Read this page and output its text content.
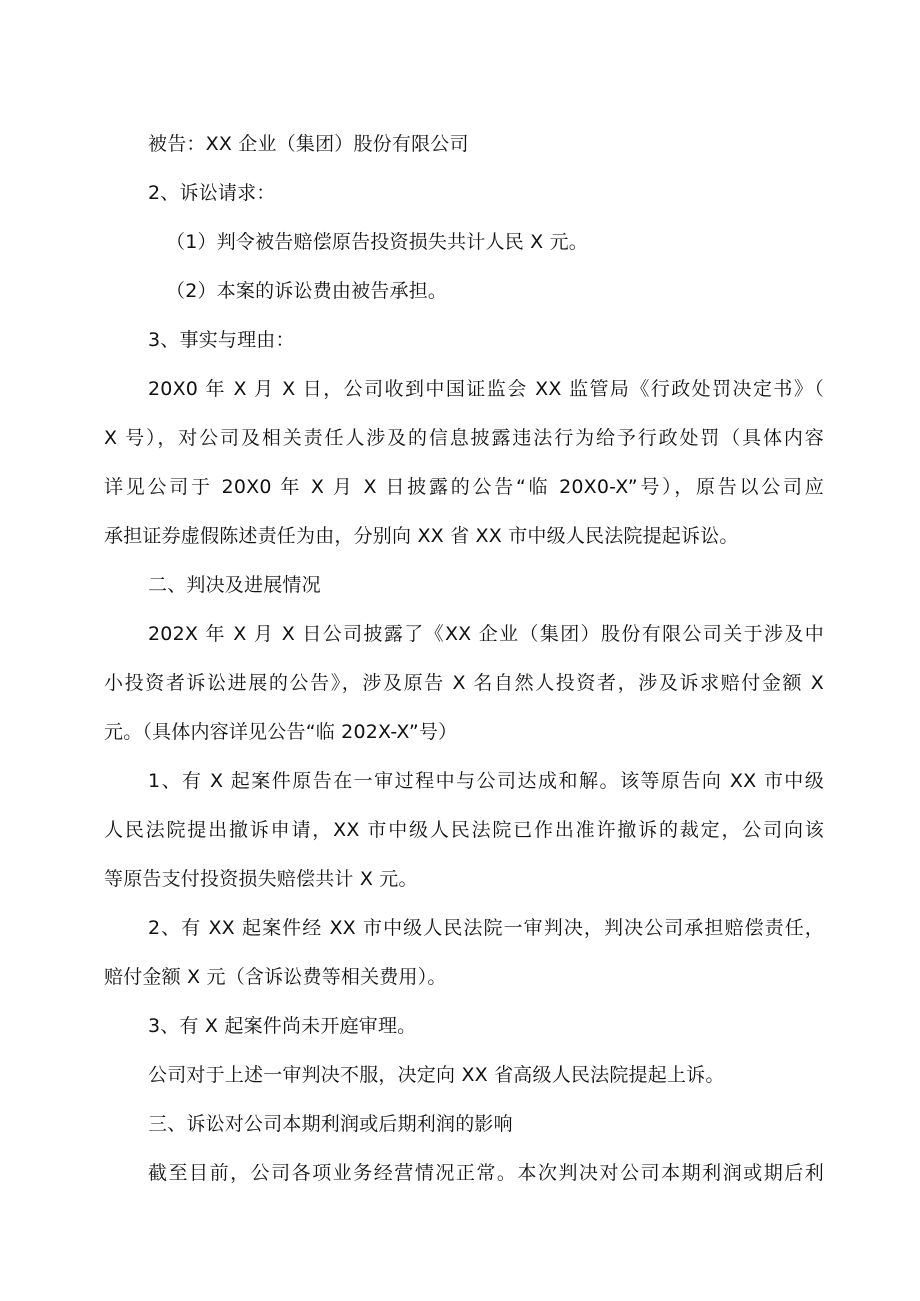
被告：XX 企业（集团）股份有限公司
2、诉讼请求：
（1）判令被告赔偿原告投资损失共计人民 X 元。
（2）本案的诉讼费由被告承担。
3、事实与理由：
20X0 年 X 月 X 日，公司收到中国证监会 XX 监管局《行政处罚决定书》（
X 号），对公司及相关责任人涉及的信息披露违法行为给予行政处罚（具体内容
详见公司于 20X0 年 X 月 X 日披露的公告“临 20X0-X”号），原告以公司应
承担证券虚假陈述责任为由，分别向 XX 省 XX 市中级人民法院提起诉讼。
二、判决及进展情况
202X 年 X 月 X 日公司披露了《XX 企业（集团）股份有限公司关于涉及中
小投资者诉讼进展的公告》，涉及原告 X 名自然人投资者，涉及诉求赔付金额 X
元。（具体内容详见公告“临 202X-X”号）
1、有 X 起案件原告在一审过程中与公司达成和解。该等原告向 XX 市中级
人民法院提出撤诉申请，XX 市中级人民法院已作出准许撤诉的裁定，公司向该
等原告支付投资损失赔偿共计 X 元。
2、有 XX 起案件经 XX 市中级人民法院一审判决，判决公司承担赔偿责任，
赔付金额 X 元（含诉讼费等相关费用）。
3、有 X 起案件尚未开庭审理。
公司对于上述一审判决不服，决定向 XX 省高级人民法院提起上诉。
三、诉讼对公司本期利润或后期利润的影响
截至目前，公司各项业务经营情况正常。本次判决对公司本期利润或期后利
